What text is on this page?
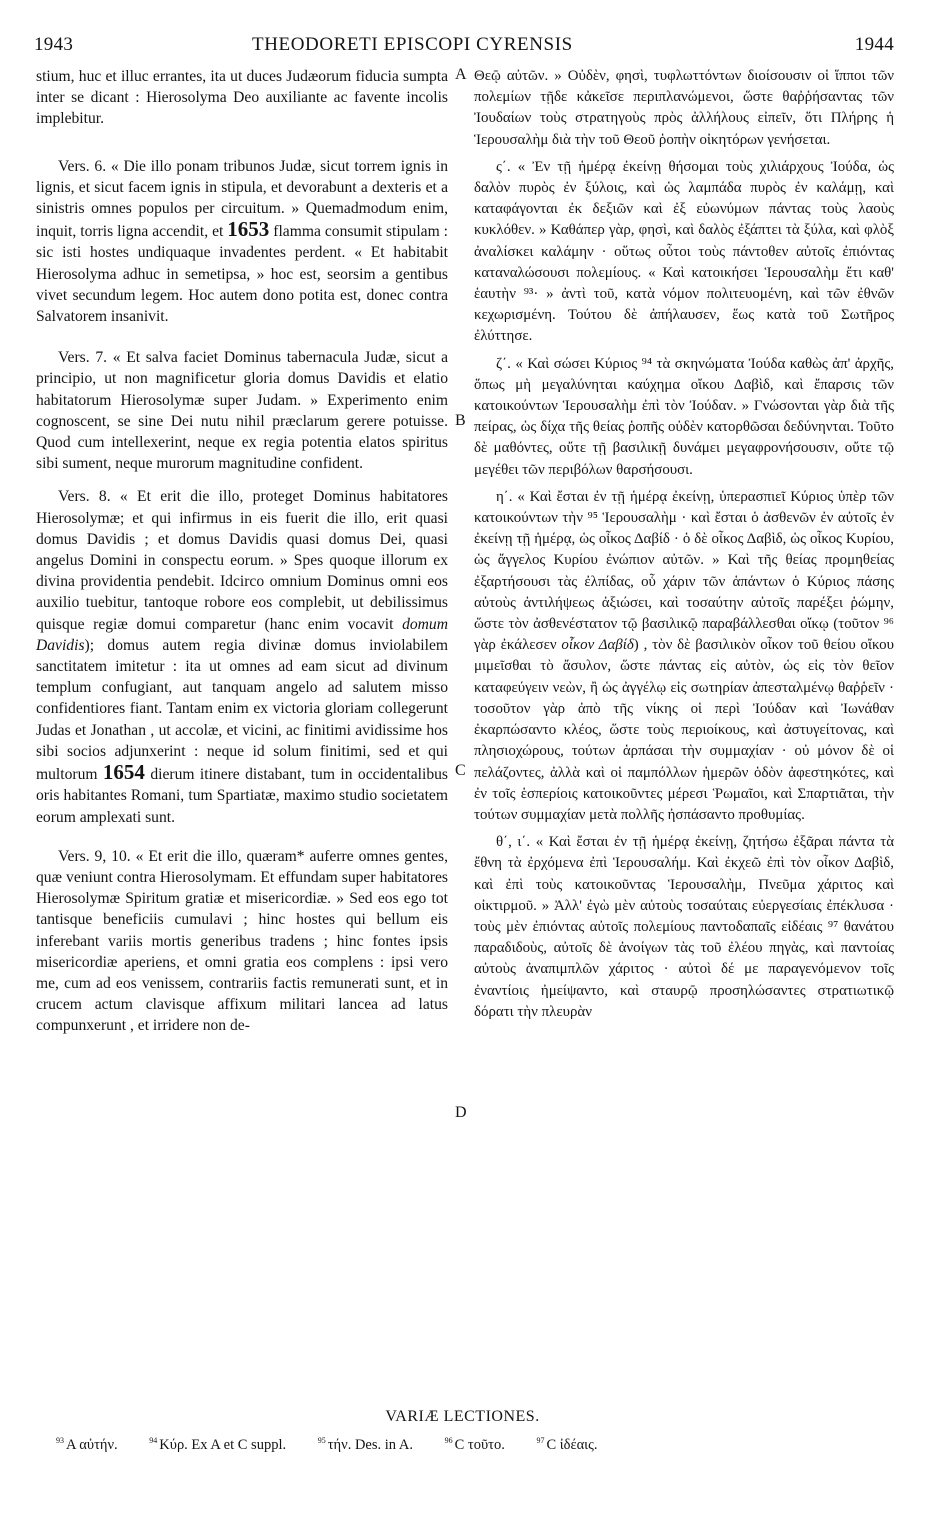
1943	THEODORETI EPISCOPI CYRENSIS	1944
A
B
C
D

stium, huc et illuc errantes, ita ut duces Judæorum fiducia sumpta inter se dicant : Hierosolyma Deo auxiliante ac favente incolis implebitur.

Vers. 6. « Die illo ponam tribunos Judæ, sicut torrem ignis in lignis, et sicut facem ignis in stipula, et devorabunt a dexteris et a sinistris omnes populos per circuitum. » Quemadmodum enim, inquit, torris ligna accendit, et 1653 flamma consumit stipulam : sic isti hostes undiquaque invadentes perdent. « Et habitabit Hierosolyma adhuc in semetipsa, » hoc est, seorsim a gentibus vivet secundum legem. Hoc autem dono potita est, donec contra Salvatorem insanivit.

Vers. 7. « Et salva faciet Dominus tabernacula Judæ, sicut a principio, ut non magnificetur gloria domus Davidis et elatio habitatorum Hierosolymæ super Judam. » Experimento enim cognoscent, se sine Dei nutu nihil præclarum gerere potuisse. Quod cum intellexerint, neque ex regia potentia elatos spiritus sibi sument, neque murorum magnitudine confident.

Vers. 8. « Et erit die illo, proteget Dominus habitatores Hierosolymæ; et qui infirmus in eis fuerit die illo, erit quasi domus Davidis ; et domus Davidis quasi domus Dei, quasi angelus Domini in conspectu eorum. » Spes quoque illorum ex divina providentia pendebit. Idcirco omnium Dominus omni eos auxilio tuebitur, tantoque robore eos complebit, ut debilissimus quisque regiæ domui comparetur (hanc enim vocavit domum Davidis); domus autem regia divinæ domus inviolabilem sanctitatem imitetur : ita ut omnes ad eam sicut ad divinum templum confugiant, aut tanquam angelo ad salutem misso confidentiores fiant. Tantam enim ex victoria gloriam collegerunt Judas et Jonathan , ut accolæ, et vicini, ac finitimi avidissime hos sibi socios adjunxerint : neque id solum finitimi, sed et qui multorum 1654 dierum itinere distabant, tum in occidentalibus oris habitantes Romani, tum Spartiatæ, maximo studio societatem eorum amplexati sunt.

Vers. 9, 10. « Et erit die illo, quæram* auferre omnes gentes, quæ veniunt contra Hierosolymam. Et effundam super habitatores Hierosolymæ Spiritum gratiæ et misericordiæ. » Sed eos ego tot tantisque beneficiis cumulavi ; hinc hostes qui bellum eis inferebant variis mortis generibus tradens ; hinc fontes ipsis misericordiæ aperiens, et omni gratia eos complens : ipsi vero me, cum ad eos venissem, contrariis factis remunerati sunt, et in crucem actum clavisque affixum militari lancea ad latus compunxerunt , et irridere non de-

Θεῷ αὐτῶν. » Οὐδὲν, φησὶ, τυφλωττόντων διοίσουσιν οἱ ἵπποι τῶν πολεμίων τῇδε κἀκεῖσε περιπλανώμενοι, ὥστε θαῤῥήσαντας τῶν Ἰουδαίων τοὺς στρατηγοὺς πρὸς ἀλλήλους εἰπεῖν, ὅτι Πλήρης ἡ Ἱερουσαλὴμ διὰ τὴν τοῦ Θεοῦ ῥοπὴν οἰκητόρων γενήσεται.

ς΄. « Ἐν τῇ ἡμέρᾳ ἐκείνῃ θήσομαι τοὺς χιλιάρχους Ἰούδα, ὡς δαλὸν πυρὸς ἐν ξύλοις, καὶ ὡς λαμπάδα πυρὸς ἐν καλάμῃ, καὶ καταφάγονται ἐκ δεξιῶν καὶ ἐξ εὐωνύμων πάντας τοὺς λαοὺς κυκλόθεν. » Καθάπερ γὰρ, φησὶ, καὶ δαλὸς ἐξάπτει τὰ ξύλα, καὶ φλὸξ ἀναλίσκει καλάμην · οὕτως οὗτοι τοὺς πάντοθεν αὐτοῖς ἐπιόντας καταναλώσουσι πολεμίους. « Καὶ κατοικήσει Ἱερουσαλὴμ ἔτι καθ' ἑαυτὴν ⁹³· » ἀντὶ τοῦ, κατὰ νόμον πολιτευομένη, καὶ τῶν ἐθνῶν κεχωρισμένη. Τούτου δὲ ἀπήλαυσεν, ἕως κατὰ τοῦ Σωτῆρος ἐλύττησε.

ζ΄. « Καὶ σώσει Κύριος ⁹⁴ τὰ σκηνώματα Ἰούδα καθὼς ἀπ' ἀρχῆς, ὅπως μὴ μεγαλύνηται καύχημα οἴκου Δαβὶδ, καὶ ἔπαρσις τῶν κατοικούντων Ἱερουσαλὴμ ἐπὶ τὸν Ἰούδαν. » Γνώσονται γὰρ διὰ τῆς πείρας, ὡς δίχα τῆς θείας ῥοπῆς οὐδὲν κατορθῶσαι δεδύνηνται. Τοῦτο δὲ μαθόντες, οὔτε τῇ βασιλικῇ δυνάμει μεγαφρονήσουσιν, οὔτε τῷ μεγέθει τῶν περιβόλων θαρσήσουσι.

η΄. « Καὶ ἔσται ἐν τῇ ἡμέρᾳ ἐκείνῃ, ὑπερασπιεῖ Κύριος ὑπὲρ τῶν κατοικούντων τὴν ⁹⁵ Ἱερουσαλὴμ · καὶ ἔσται ὁ ἀσθενῶν ἐν αὐτοῖς ἐν ἐκείνῃ τῇ ἡμέρᾳ, ὡς οἶκος Δαβίδ · ὁ δὲ οἶκος Δαβὶδ, ὡς οἶκος Κυρίου, ὡς ἄγγελος Κυρίου ἐνώπιον αὐτῶν. » Καὶ τῆς θείας προμηθείας ἐξαρτήσουσι τὰς ἐλπίδας, οὗ χάριν τῶν ἁπάντων ὁ Κύριος πάσης αὐτοὺς ἀντιλήψεως ἀξιώσει, καὶ τοσαύτην αὐτοῖς παρέξει ῥώμην, ὥστε τὸν ἀσθενέστατον τῷ βασιλικῷ παραβάλλεσθαι οἴκῳ (τοῦτον ⁹⁶ γὰρ ἐκάλεσεν οἶκον Δαβίδ) , τὸν δὲ βασιλικὸν οἶκον τοῦ θείου οἴκου μιμεῖσθαι τὸ ἄσυλον, ὥστε πάντας εἰς αὐτὸν, ὡς εἰς τὸν θεῖον καταφεύγειν νεὼν, ἢ ὡς ἀγγέλῳ εἰς σωτηρίαν ἀπεσταλμένῳ θαῤῥεῖν · τοσοῦτον γὰρ ἀπὸ τῆς νίκης οἱ περὶ Ἰούδαν καὶ Ἰωνάθαν ἐκαρπώσαντο κλέος, ὥστε τοὺς περιοίκους, καὶ ἀστυγείτονας, καὶ πλησιοχώρους, τούτων ἁρπάσαι τὴν συμμαχίαν · οὐ μόνον δὲ οἱ πελάζοντες, ἀλλὰ καὶ οἱ παμπόλλων ἡμερῶν ὁδὸν ἀφεστηκότες, καὶ ἐν τοῖς ἑσπερίοις κατοικοῦντες μέρεσι Ῥωμαῖοι, καὶ Σπαρτιᾶται, τὴν τούτων συμμαχίαν μετὰ πολλῆς ἠσπάσαντο προθυμίας.

θ΄, ι΄. « Καὶ ἔσται ἐν τῇ ἡμέρᾳ ἐκείνῃ, ζητήσω ἐξᾶραι πάντα τὰ ἔθνη τὰ ἐρχόμενα ἐπὶ Ἱερουσαλήμ. Καὶ ἐκχεῶ ἐπὶ τὸν οἶκον Δαβὶδ, καὶ ἐπὶ τοὺς κατοικοῦντας Ἱερουσαλὴμ, Πνεῦμα χάριτος καὶ οἰκτιρμοῦ. » Ἀλλ' ἐγὼ μὲν αὐτοὺς τοσαύταις εὐεργεσίαις ἐπέκλυσα · τοὺς μὲν ἐπιόντας αὐτοῖς πολεμίους παντοδαπαῖς εἰδέαις ⁹⁷ θανάτου παραδιδοὺς, αὐτοῖς δὲ ἀνοίγων τὰς τοῦ ἐλέου πηγὰς, καὶ παντοίας αὐτοὺς ἀναπιμπλῶν χάριτος · αὐτοὶ δέ με παραγενόμενον τοῖς ἐναντίοις ἠμείψαντο, καὶ σταυρῷ προσηλώσαντες στρατιωτικῷ δόρατι τὴν πλευρὰν

VARIÆ LECTIONES.
$^{93}$ Α αὐτήν.	$^{94}$ Κύρ. Ex A et C suppl.	$^{95}$ τήν. Des. in A.	$^{96}$ C τοῦτο.	$^{97}$ C ἰδέαις.
